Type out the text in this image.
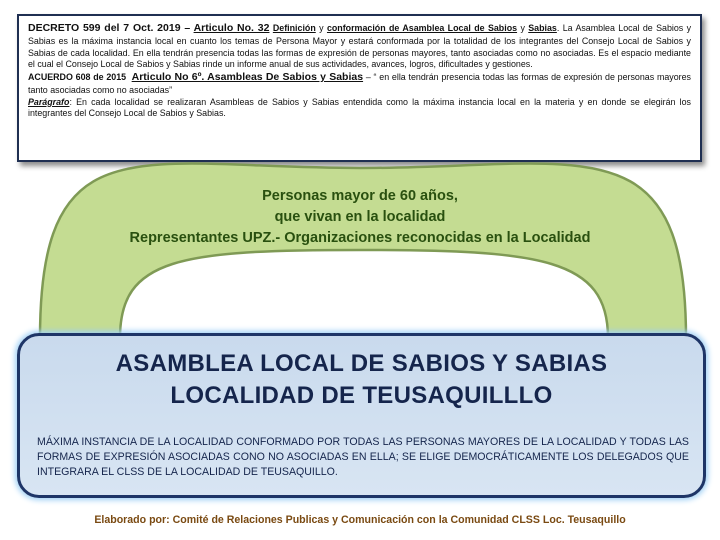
DECRETO 599 del 7 Oct. 2019 – Articulo No. 32 Definición y conformación de Asamblea Local de Sabios y Sabias. La Asamblea Local de Sabios y Sabias es la máxima instancia local en cuanto los temas de Persona Mayor y estará conformada por la totalidad de los integrantes del Consejo Local de Sabios y Sabias de cada localidad. En ella tendrán presencia todas las formas de expresión de personas mayores, tanto asociadas como no asociadas. Es el espacio mediante el cual el Consejo Local de Sabios y Sabias rinde un informe anual de sus actividades, avances, logros, dificultades y gestiones.

ACUERDO 608 de 2015 Articulo No 6º. Asambleas De Sabios y Sabias – “ en ella tendrán presencia todas las formas de expresión de personas mayores tanto asociadas como no asociadas”

Parágrafo: En cada localidad se realizaran Asambleas de Sabios y Sabias entendida como la máxima instancia local en la materia y en donde se elegirán los integrantes del Consejo Local de Sabios y Sabias.

Personas mayor de 60 años,
que vivan en la localidad
Representantes UPZ.- Organizaciones reconocidas en la Localidad
ASAMBLEA LOCAL DE SABIOS Y SABIAS
LOCALIDAD DE TEUSAQUILLLO
MÁXIMA INSTANCIA DE LA LOCALIDAD CONFORMADO POR TODAS LAS PERSONAS MAYORES DE LA LOCALIDAD Y TODAS LAS FORMAS DE EXPRESIÓN ASOCIADAS CONO NO ASOCIADAS EN ELLA; SE ELIGE DEMOCRÁTICAMENTE LOS DELEGADOS QUE INTEGRARA EL CLSS DE LA LOCALIDAD DE TEUSAQUILLO.
Elaborado por: Comité de Relaciones Publicas y Comunicación con la Comunidad CLSS Loc. Teusaquillo
